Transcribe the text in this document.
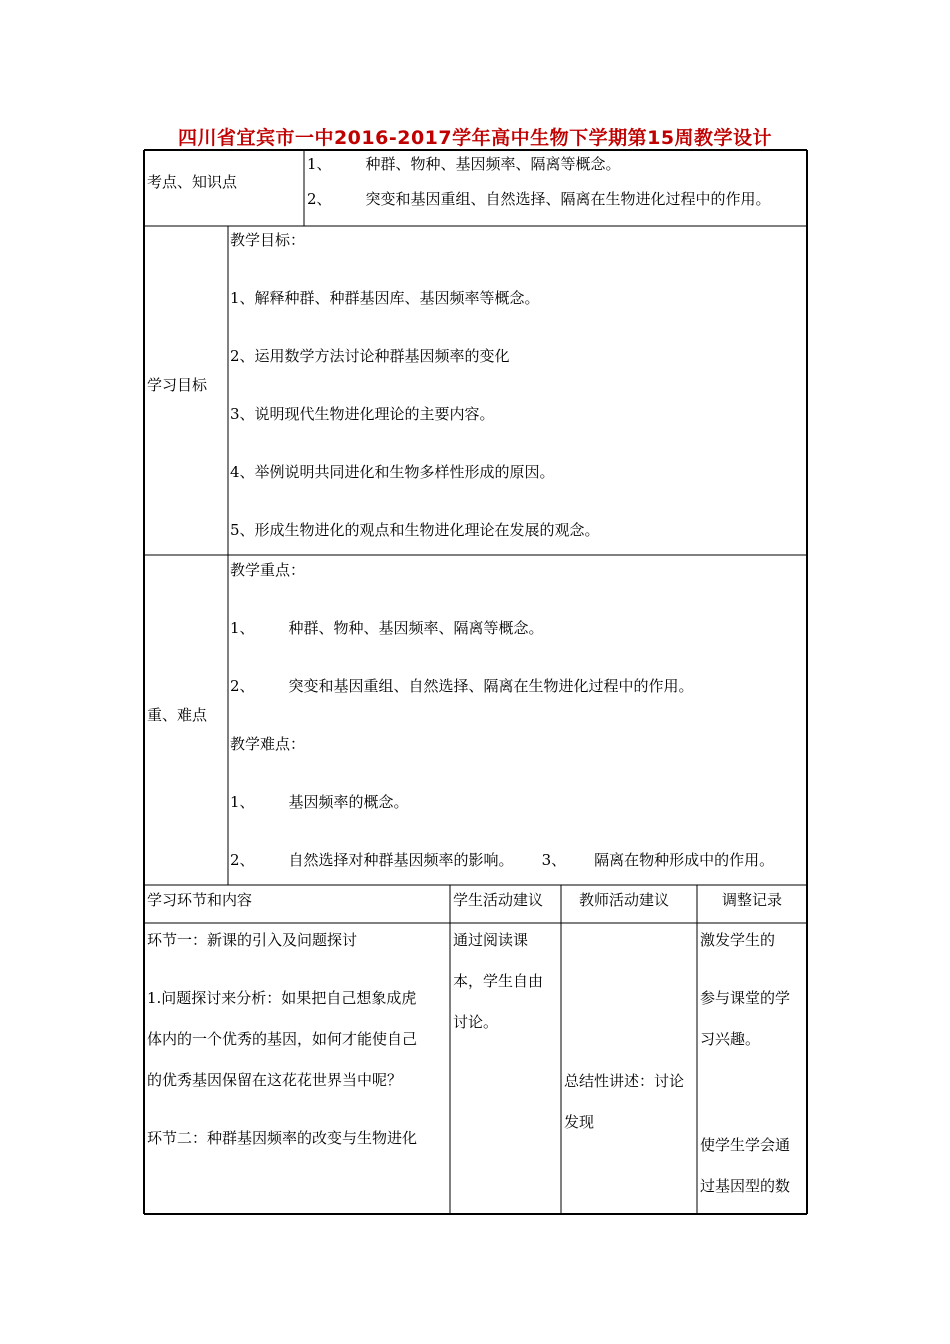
四川省宜宾市一中2016-2017学年高中生物下学期第15周教学设计
考点、知识点
1、 种群、物种、基因频率、隔离等概念。
2、 突变和基因重组、自然选择、隔离在生物进化过程中的作用。
学习目标
教学目标：
1、解释种群、种群基因库、基因频率等概念。
2、运用数学方法讨论种群基因频率的变化
3、说明现代生物进化理论的主要内容。
4、举例说明共同进化和生物多样性形成的原因。
5、形成生物进化的观点和生物进化理论在发展的观念。
重、难点
教学重点：
1、 种群、物种、基因频率、隔离等概念。
2、 突变和基因重组、自然选择、隔离在生物进化过程中的作用。
教学难点：
1、 基因频率的概念。
2、 自然选择对种群基因频率的影响。 3、 隔离在物种形成中的作用。
学习环节和内容	学生活动建议 教师活动建议	调整记录
环节一：新课的引入及问题探讨
1.问题探讨来分析：如果把自己想象成虎
体内的一个优秀的基因，如何才能使自己
的优秀基因保留在这花花世界当中呢？
环节二：种群基因频率的改变与生物进化
通过阅读课
本，学生自由
讨论。
总结性讲述：讨论
发现
激发学生的
参与课堂的学
习兴趣。
使学生学会通
过基因型的数
